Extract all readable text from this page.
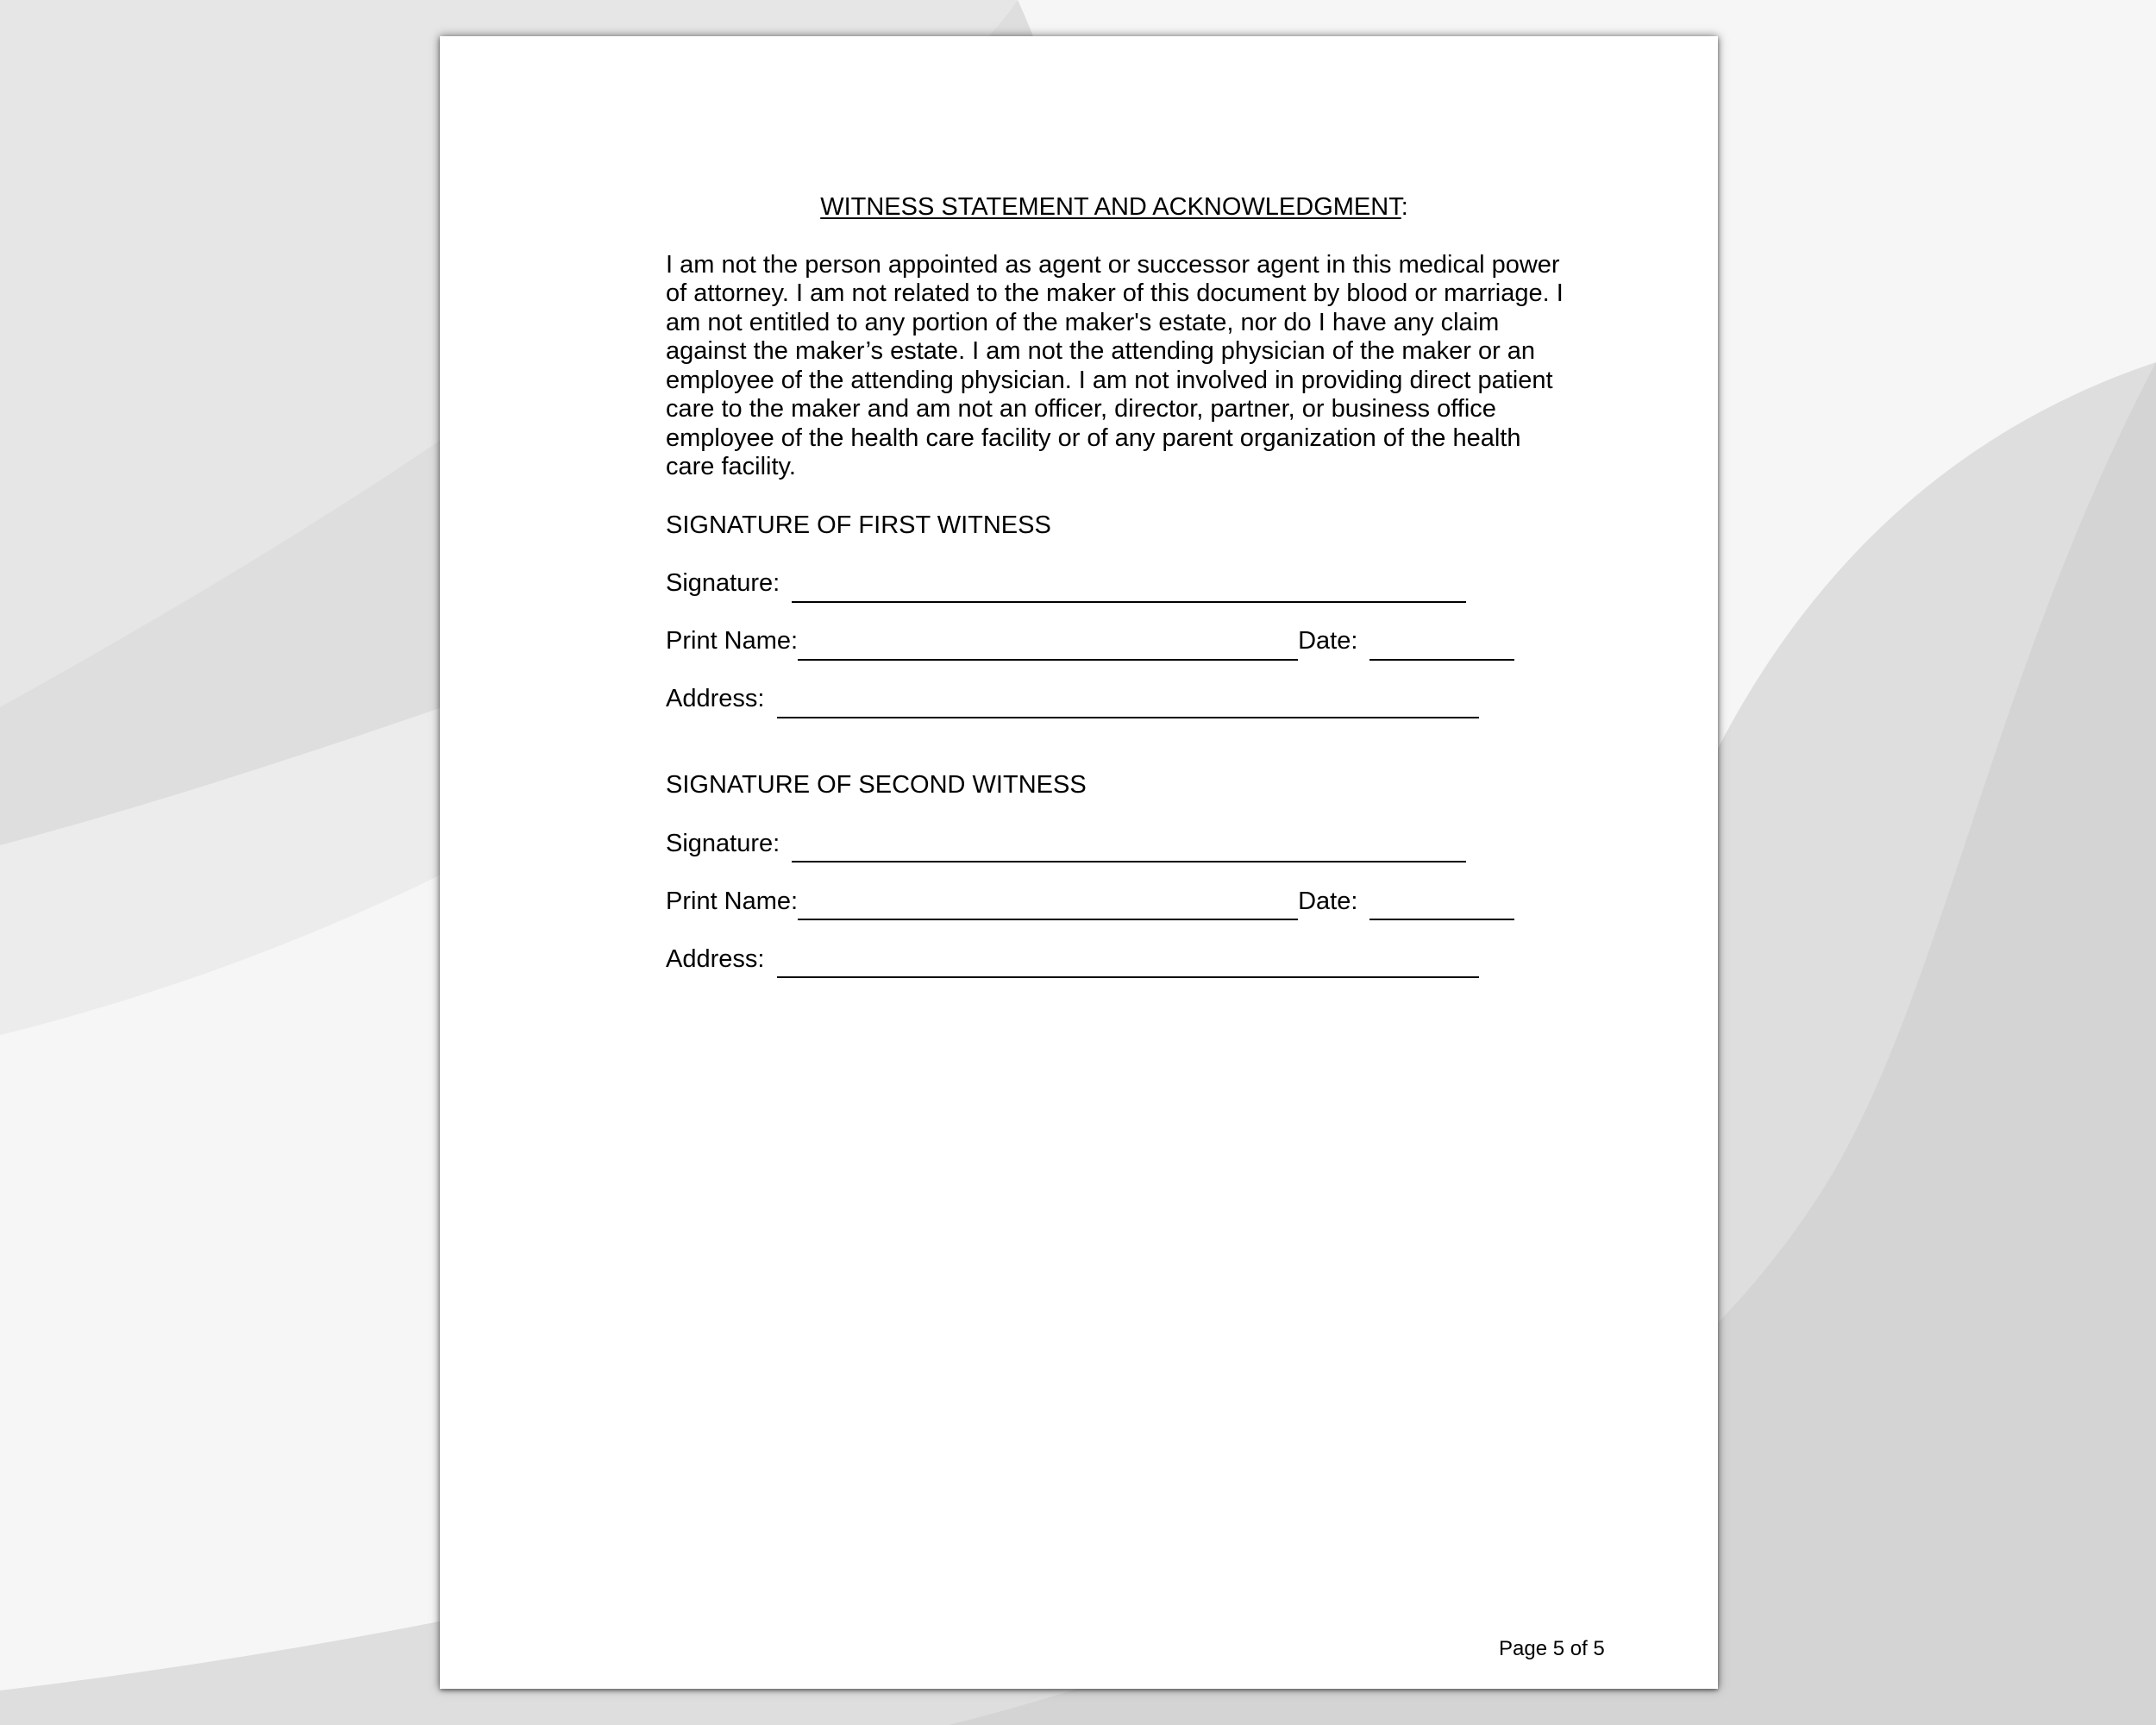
WITNESS STATEMENT AND ACKNOWLEDGMENT:
I am not the person appointed as agent or successor agent in this medical power of attorney. I am not related to the maker of this document by blood or marriage. I am not entitled to any portion of the maker's estate, nor do I have any claim against the maker’s estate. I am not the attending physician of the maker or an employee of the attending physician. I am not involved in providing direct patient care to the maker and am not an officer, director, partner, or business office employee of the health care facility or of any parent organization of the health care facility.
SIGNATURE OF FIRST WITNESS
Signature:
Print Name:	Date:
Address:
SIGNATURE OF SECOND WITNESS
Signature:
Print Name:	Date:
Address:
Page 5 of 5
